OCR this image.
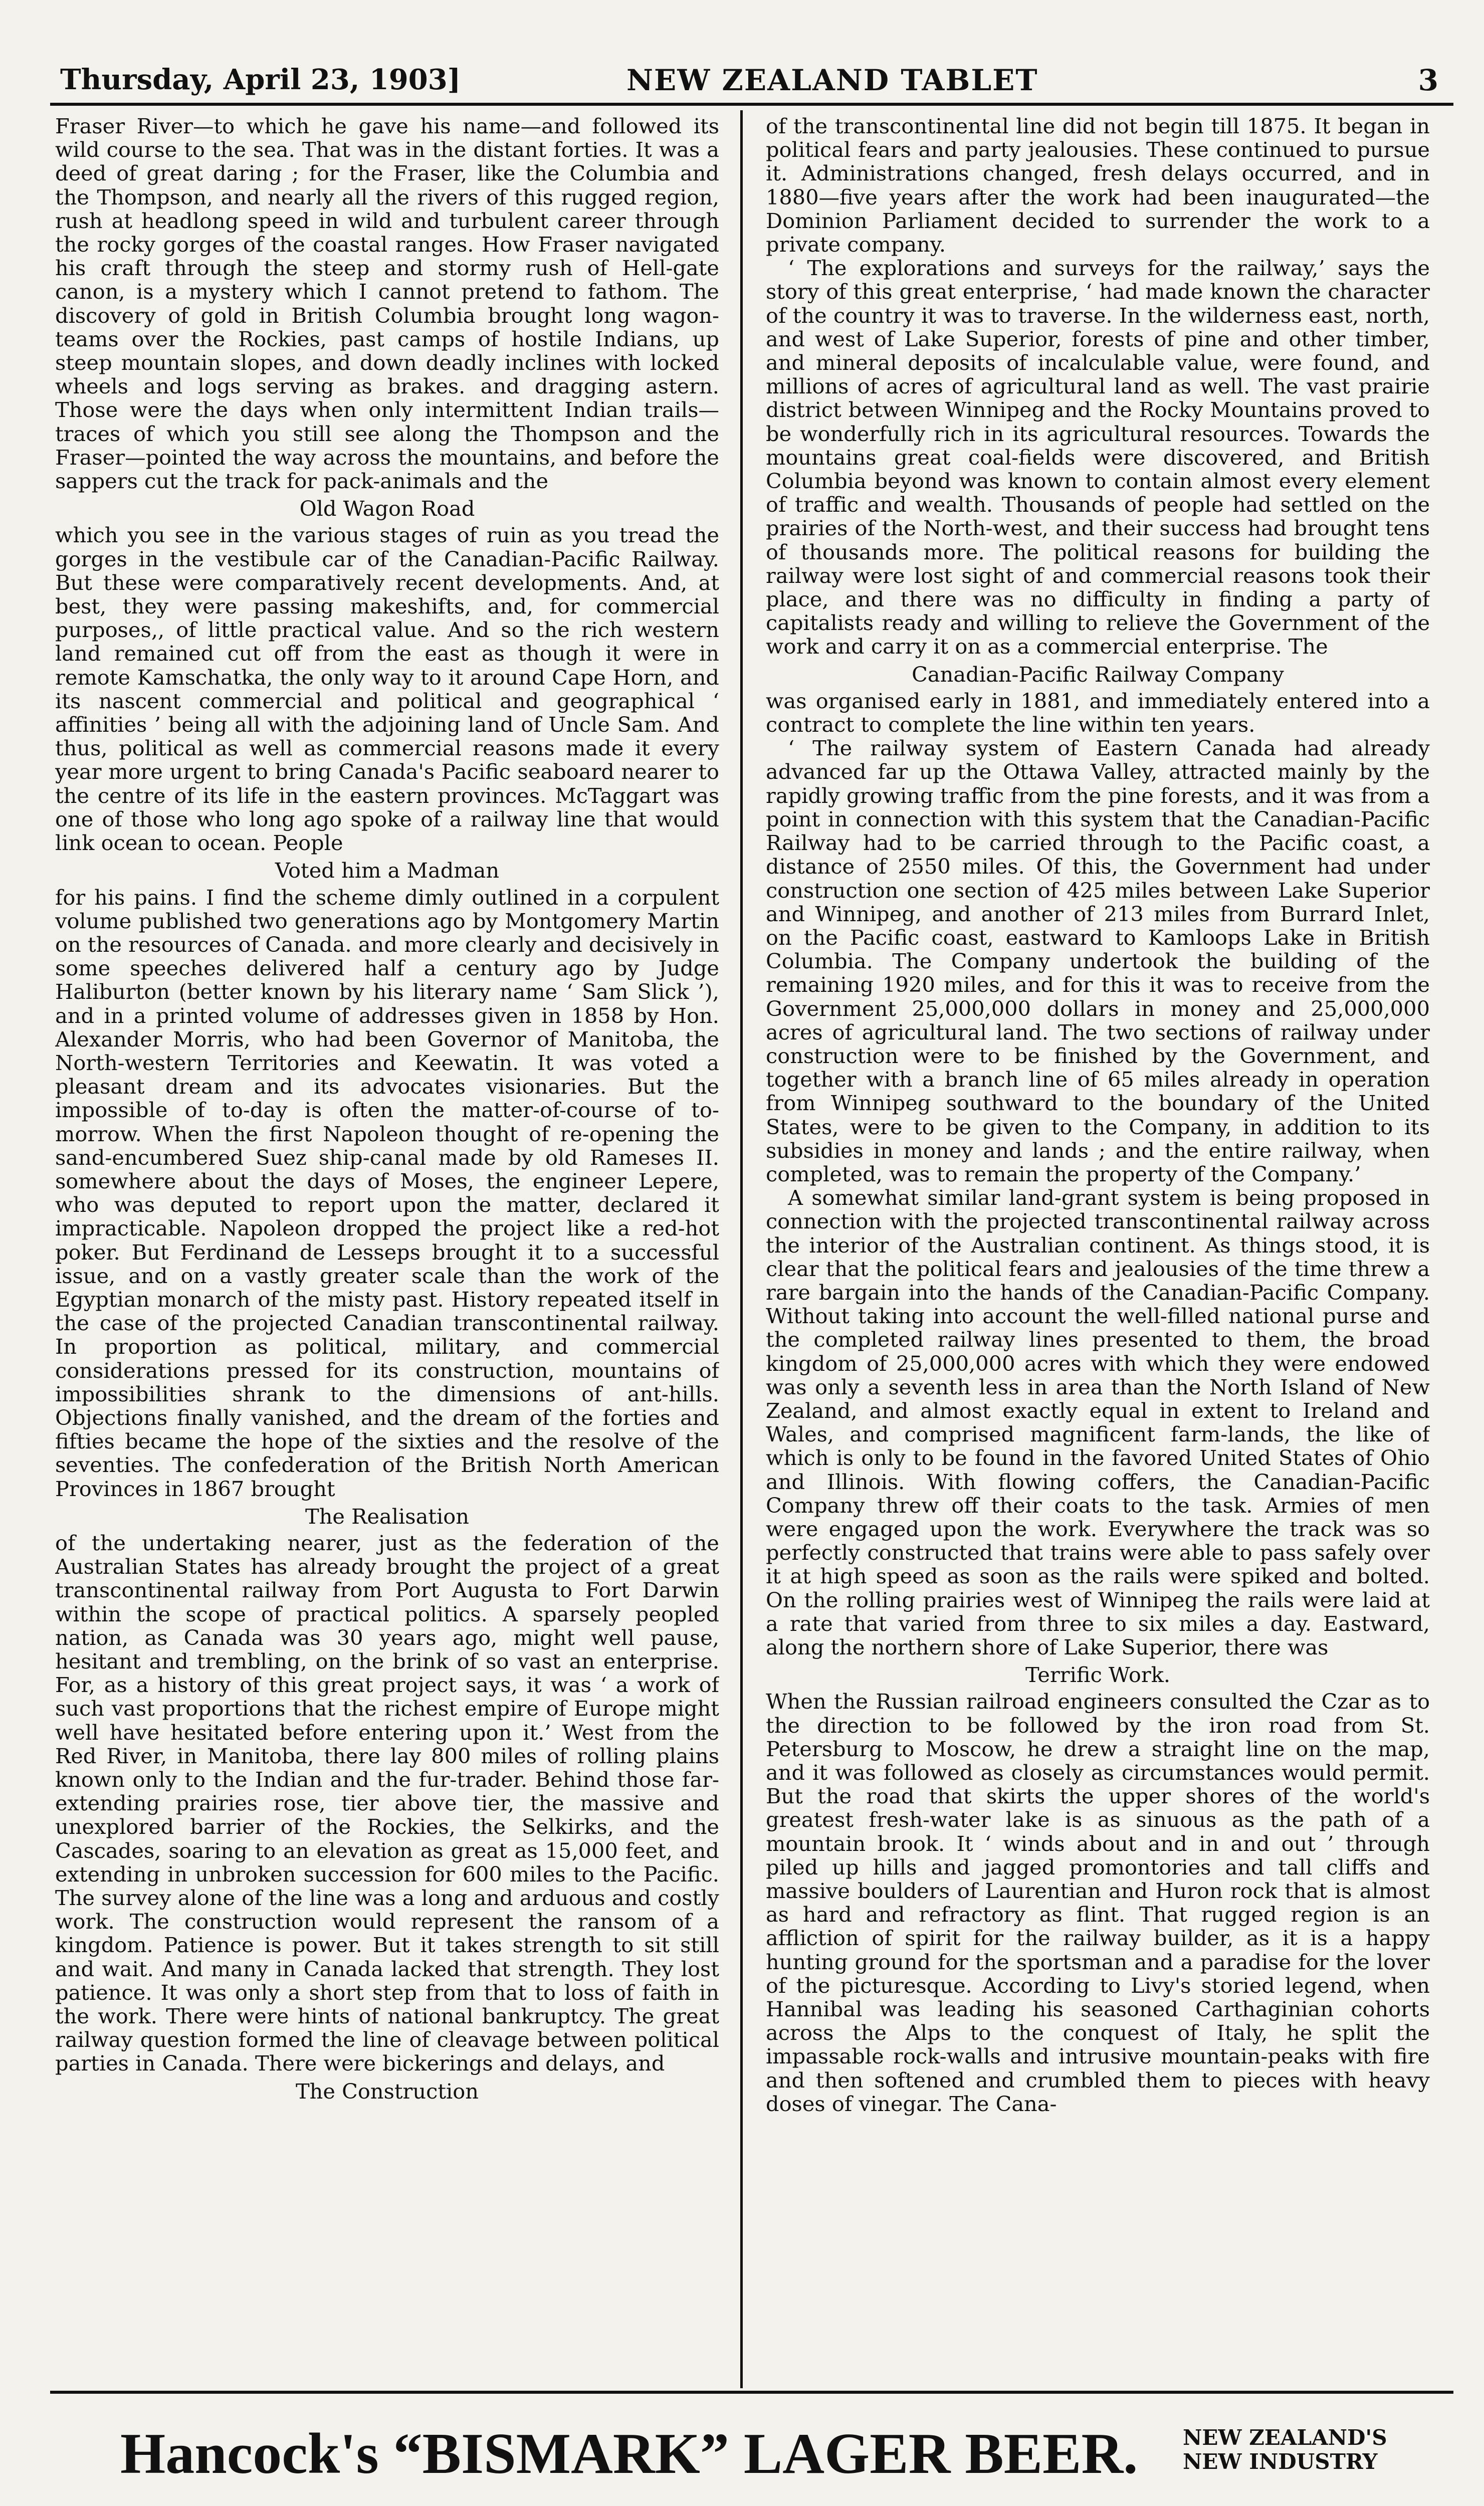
Thursday, April 23, 1903]	NEW ZEALAND TABLET	3

Fraser River—to which he gave his name—and followed its wild course to the sea. That was in the distant forties. It was a deed of great daring ; for the Fraser, like the Columbia and the Thompson, and nearly all the rivers of this rugged region, rush at headlong speed in wild and turbulent career through the rocky gorges of the coastal ranges. How Fraser navigated his craft through the steep and stormy rush of Hell-gate canon, is a mystery which I cannot pretend to fathom. The discovery of gold in British Columbia brought long wagon-teams over the Rockies, past camps of hostile Indians, up steep mountain slopes, and down deadly inclines with locked wheels and logs serving as brakes. and dragging astern. Those were the days when only intermittent Indian trails—traces of which you still see along the Thompson and the Fraser—pointed the way across the mountains, and before the sappers cut the track for pack-animals and the

Old Wagon Road

which you see in the various stages of ruin as you tread the gorges in the vestibule car of the Canadian-Pacific Railway. But these were comparatively recent developments. And, at best, they were passing makeshifts, and, for commercial purposes,, of little practical value. And so the rich western land remained cut off from the east as though it were in remote Kamschatka, the only way to it around Cape Horn, and its nascent commercial and political and geographical ‘ affinities ’ being all with the adjoining land of Uncle Sam. And thus, political as well as commercial reasons made it every year more urgent to bring Canada's Pacific seaboard nearer to the centre of its life in the eastern provinces. McTaggart was one of those who long ago spoke of a railway line that would link ocean to ocean. People

Voted him a Madman

for his pains. I find the scheme dimly outlined in a corpulent volume published two generations ago by Montgomery Martin on the resources of Canada. and more clearly and decisively in some speeches delivered half a century ago by Judge Haliburton (better known by his literary name ‘ Sam Slick ’), and in a printed volume of addresses given in 1858 by Hon. Alexander Morris, who had been Governor of Manitoba, the North-western Territories and Keewatin. It was voted a pleasant dream and its advocates visionaries. But the impossible of to-day is often the matter-of-course of to-morrow. When the first Napoleon thought of re-opening the sand-encumbered Suez ship-canal made by old Rameses II. somewhere about the days of Moses, the engineer Lepere, who was deputed to report upon the matter, declared it impracticable. Napoleon dropped the project like a red-hot poker. But Ferdinand de Lesseps brought it to a successful issue, and on a vastly greater scale than the work of the Egyptian monarch of the misty past. History repeated itself in the case of the projected Canadian transcontinental railway. In proportion as political, military, and commercial considerations pressed for its construction, mountains of impossibilities shrank to the dimensions of ant-hills. Objections finally vanished, and the dream of the forties and fifties became the hope of the sixties and the resolve of the seventies. The confederation of the British North American Provinces in 1867 brought

The Realisation

of the undertaking nearer, just as the federation of the Australian States has already brought the project of a great transcontinental railway from Port Augusta to Fort Darwin within the scope of practical politics. A sparsely peopled nation, as Canada was 30 years ago, might well pause, hesitant and trembling, on the brink of so vast an enterprise. For, as a history of this great project says, it was ‘ a work of such vast proportions that the richest empire of Europe might well have hesitated before entering upon it.’ West from the Red River, in Manitoba, there lay 800 miles of rolling plains known only to the Indian and the fur-trader. Behind those far-extending prairies rose, tier above tier, the massive and unexplored barrier of the Rockies, the Selkirks, and the Cascades, soaring to an elevation as great as 15,000 feet, and extending in unbroken succession for 600 miles to the Pacific. The survey alone of the line was a long and arduous and costly work. The construction would represent the ransom of a kingdom. Patience is power. But it takes strength to sit still and wait. And many in Canada lacked that strength. They lost patience. It was only a short step from that to loss of faith in the work. There were hints of national bankruptcy. The great railway question formed the line of cleavage between political parties in Canada. There were bickerings and delays, and

The Construction

of the transcontinental line did not begin till 1875. It began in political fears and party jealousies. These continued to pursue it. Administrations changed, fresh delays occurred, and in 1880—five years after the work had been inaugurated—the Dominion Parliament decided to surrender the work to a private company.

‘ The explorations and surveys for the railway,’ says the story of this great enterprise, ‘ had made known the character of the country it was to traverse. In the wilderness east, north, and west of Lake Superior, forests of pine and other timber, and mineral deposits of incalculable value, were found, and millions of acres of agricultural land as well. The vast prairie district between Winnipeg and the Rocky Mountains proved to be wonderfully rich in its agricultural resources. Towards the mountains great coal-fields were discovered, and British Columbia beyond was known to contain almost every element of traffic and wealth. Thousands of people had settled on the prairies of the North-west, and their success had brought tens of thousands more. The political reasons for building the railway were lost sight of and commercial reasons took their place, and there was no difficulty in finding a party of capitalists ready and willing to relieve the Government of the work and carry it on as a commercial enterprise. The

Canadian-Pacific Railway Company

was organised early in 1881, and immediately entered into a contract to complete the line within ten years.

‘ The railway system of Eastern Canada had already advanced far up the Ottawa Valley, attracted mainly by the rapidly growing traffic from the pine forests, and it was from a point in connection with this system that the Canadian-Pacific Railway had to be carried through to the Pacific coast, a distance of 2550 miles. Of this, the Government had under construction one section of 425 miles between Lake Superior and Winnipeg, and another of 213 miles from Burrard Inlet, on the Pacific coast, eastward to Kamloops Lake in British Columbia. The Company undertook the building of the remaining 1920 miles, and for this it was to receive from the Government 25,000,000 dollars in money and 25,000,000 acres of agricultural land. The two sections of railway under construction were to be finished by the Government, and together with a branch line of 65 miles already in operation from Winnipeg southward to the boundary of the United States, were to be given to the Company, in addition to its subsidies in money and lands ; and the entire railway, when completed, was to remain the property of the Company.’

A somewhat similar land-grant system is being proposed in connection with the projected transcontinental railway across the interior of the Australian continent. As things stood, it is clear that the political fears and jealousies of the time threw a rare bargain into the hands of the Canadian-Pacific Company. Without taking into account the well-filled national purse and the completed railway lines presented to them, the broad kingdom of 25,000,000 acres with which they were endowed was only a seventh less in area than the North Island of New Zealand, and almost exactly equal in extent to Ireland and Wales, and comprised magnificent farm-lands, the like of which is only to be found in the favored United States of Ohio and Illinois. With flowing coffers, the Canadian-Pacific Company threw off their coats to the task. Armies of men were engaged upon the work. Everywhere the track was so perfectly constructed that trains were able to pass safely over it at high speed as soon as the rails were spiked and bolted. On the rolling prairies west of Winnipeg the rails were laid at a rate that varied from three to six miles a day. Eastward, along the northern shore of Lake Superior, there was

Terrific Work.

When the Russian railroad engineers consulted the Czar as to the direction to be followed by the iron road from St. Petersburg to Moscow, he drew a straight line on the map, and it was followed as closely as circumstances would permit. But the road that skirts the upper shores of the world's greatest fresh-water lake is as sinuous as the path of a mountain brook. It ‘ winds about and in and out ’ through piled up hills and jagged promontories and tall cliffs and massive boulders of Laurentian and Huron rock that is almost as hard and refractory as flint. That rugged region is an affliction of spirit for the railway builder, as it is a happy hunting ground for the sportsman and a paradise for the lover of the picturesque. According to Livy's storied legend, when Hannibal was leading his seasoned Carthaginian cohorts across the Alps to the conquest of Italy, he split the impassable rock-walls and intrusive mountain-peaks with fire and then softened and crumbled them to pieces with heavy doses of vinegar. The Cana-

Hancock's “BISMARK” LAGER BEER. NEW ZEALAND'S
NEW INDUSTRY
